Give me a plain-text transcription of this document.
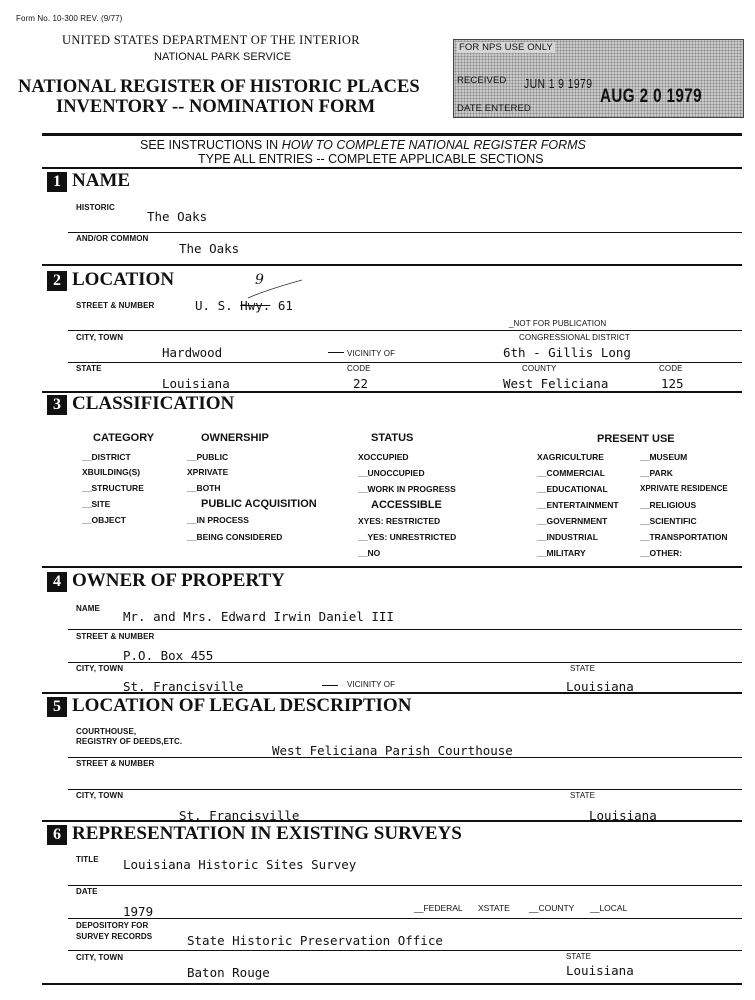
Form No. 10-300 REV. (9/77)
UNITED STATES DEPARTMENT OF THE INTERIOR
NATIONAL PARK SERVICE
NATIONAL REGISTER OF HISTORIC PLACES
INVENTORY -- NOMINATION FORM
FOR NPS USE ONLY
RECEIVED JUN 1 9 1979
DATE ENTERED
AUG 2 0 1979
SEE INSTRUCTIONS IN HOW TO COMPLETE NATIONAL REGISTER FORMS
TYPE ALL ENTRIES -- COMPLETE APPLICABLE SECTIONS
1 NAME
HISTORIC
The Oaks
AND/OR COMMON
The Oaks
2 LOCATION
STREET & NUMBER	U. S. Hwy. 61
9
_NOT FOR PUBLICATION
CITY, TOWN	CONGRESSIONAL DISTRICT
Hardwood	VICINITY OF	6th - Gillis Long
STATE	CODE	COUNTY	CODE
Louisiana	22	West Feliciana	125
3 CLASSIFICATION
CATEGORY
__DISTRICT
XBUILDING(S)
__STRUCTURE
__SITE
__OBJECT
OWNERSHIP
__PUBLIC
XPRIVATE
__BOTH
PUBLIC ACQUISITION
__IN PROCESS
__BEING CONSIDERED
STATUS
XOCCUPIED
__UNOCCUPIED
__WORK IN PROGRESS
ACCESSIBLE
XYES: RESTRICTED
__YES: UNRESTRICTED
__NO
PRESENT USE
XAGRICULTURE
__COMMERCIAL
__EDUCATIONAL
__ENTERTAINMENT
__GOVERNMENT
__INDUSTRIAL
__MILITARY
__MUSEUM
__PARK
XPRIVATE RESIDENCE
__RELIGIOUS
__SCIENTIFIC
__TRANSPORTATION
__OTHER:
4 OWNER OF PROPERTY
NAME
Mr. and Mrs. Edward Irwin Daniel III
STREET & NUMBER
P.O. Box 455
CITY, TOWN	STATE
St. Francisville	VICINITY OF	Louisiana
5 LOCATION OF LEGAL DESCRIPTION
COURTHOUSE,
REGISTRY OF DEEDS,ETC.
West Feliciana Parish Courthouse
STREET & NUMBER
CITY, TOWN	STATE
St. Francisville	Louisiana
6 REPRESENTATION IN EXISTING SURVEYS
TITLE Louisiana Historic Sites Survey
DATE
1979	__FEDERAL XSTATE __COUNTY __LOCAL
DEPOSITORY FOR
SURVEY RECORDS	State Historic Preservation Office
CITY, TOWN	STATE
Baton Rouge	Louisiana
